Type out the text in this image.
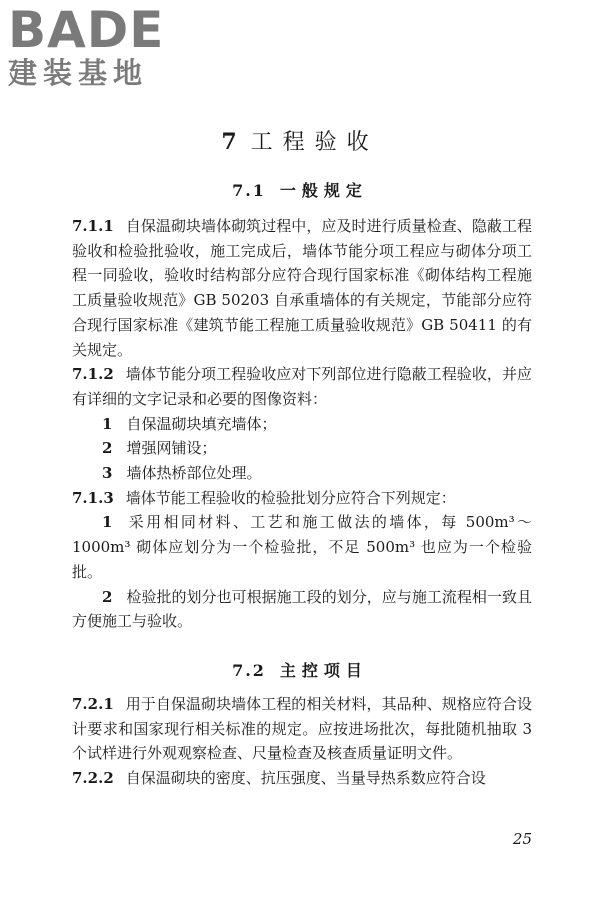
BADE
建装基地
7 工程验收
7.1 一般规定

7.1.1 自保温砌块墙体砌筑过程中，应及时进行质量检查、隐蔽工程验收和检验批验收，施工完成后，墙体节能分项工程应与砌体分项工程一同验收，验收时结构部分应符合现行国家标准《砌体结构工程施工质量验收规范》GB 50203 自承重墙体的有关规定，节能部分应符合现行国家标准《建筑节能工程施工质量验收规范》GB 50411 的有关规定。

7.1.2 墙体节能分项工程验收应对下列部位进行隐蔽工程验收，并应有详细的文字记录和必要的图像资料：

1 自保温砌块填充墙体；

2 增强网铺设；

3 墙体热桥部位处理。

7.1.3 墙体节能工程验收的检验批划分应符合下列规定：

1 采用相同材料、工艺和施工做法的墙体，每 500m³～1000m³ 砌体应划分为一个检验批，不足 500m³ 也应为一个检验批。

2 检验批的划分也可根据施工段的划分，应与施工流程相一致且方便施工与验收。

7.2 主控项目

7.2.1 用于自保温砌块墙体工程的相关材料，其品种、规格应符合设计要求和国家现行相关标准的规定。应按进场批次，每批随机抽取 3 个试样进行外观观察检查、尺量检查及核查质量证明文件。

7.2.2 自保温砌块的密度、抗压强度、当量导热系数应符合设

25
